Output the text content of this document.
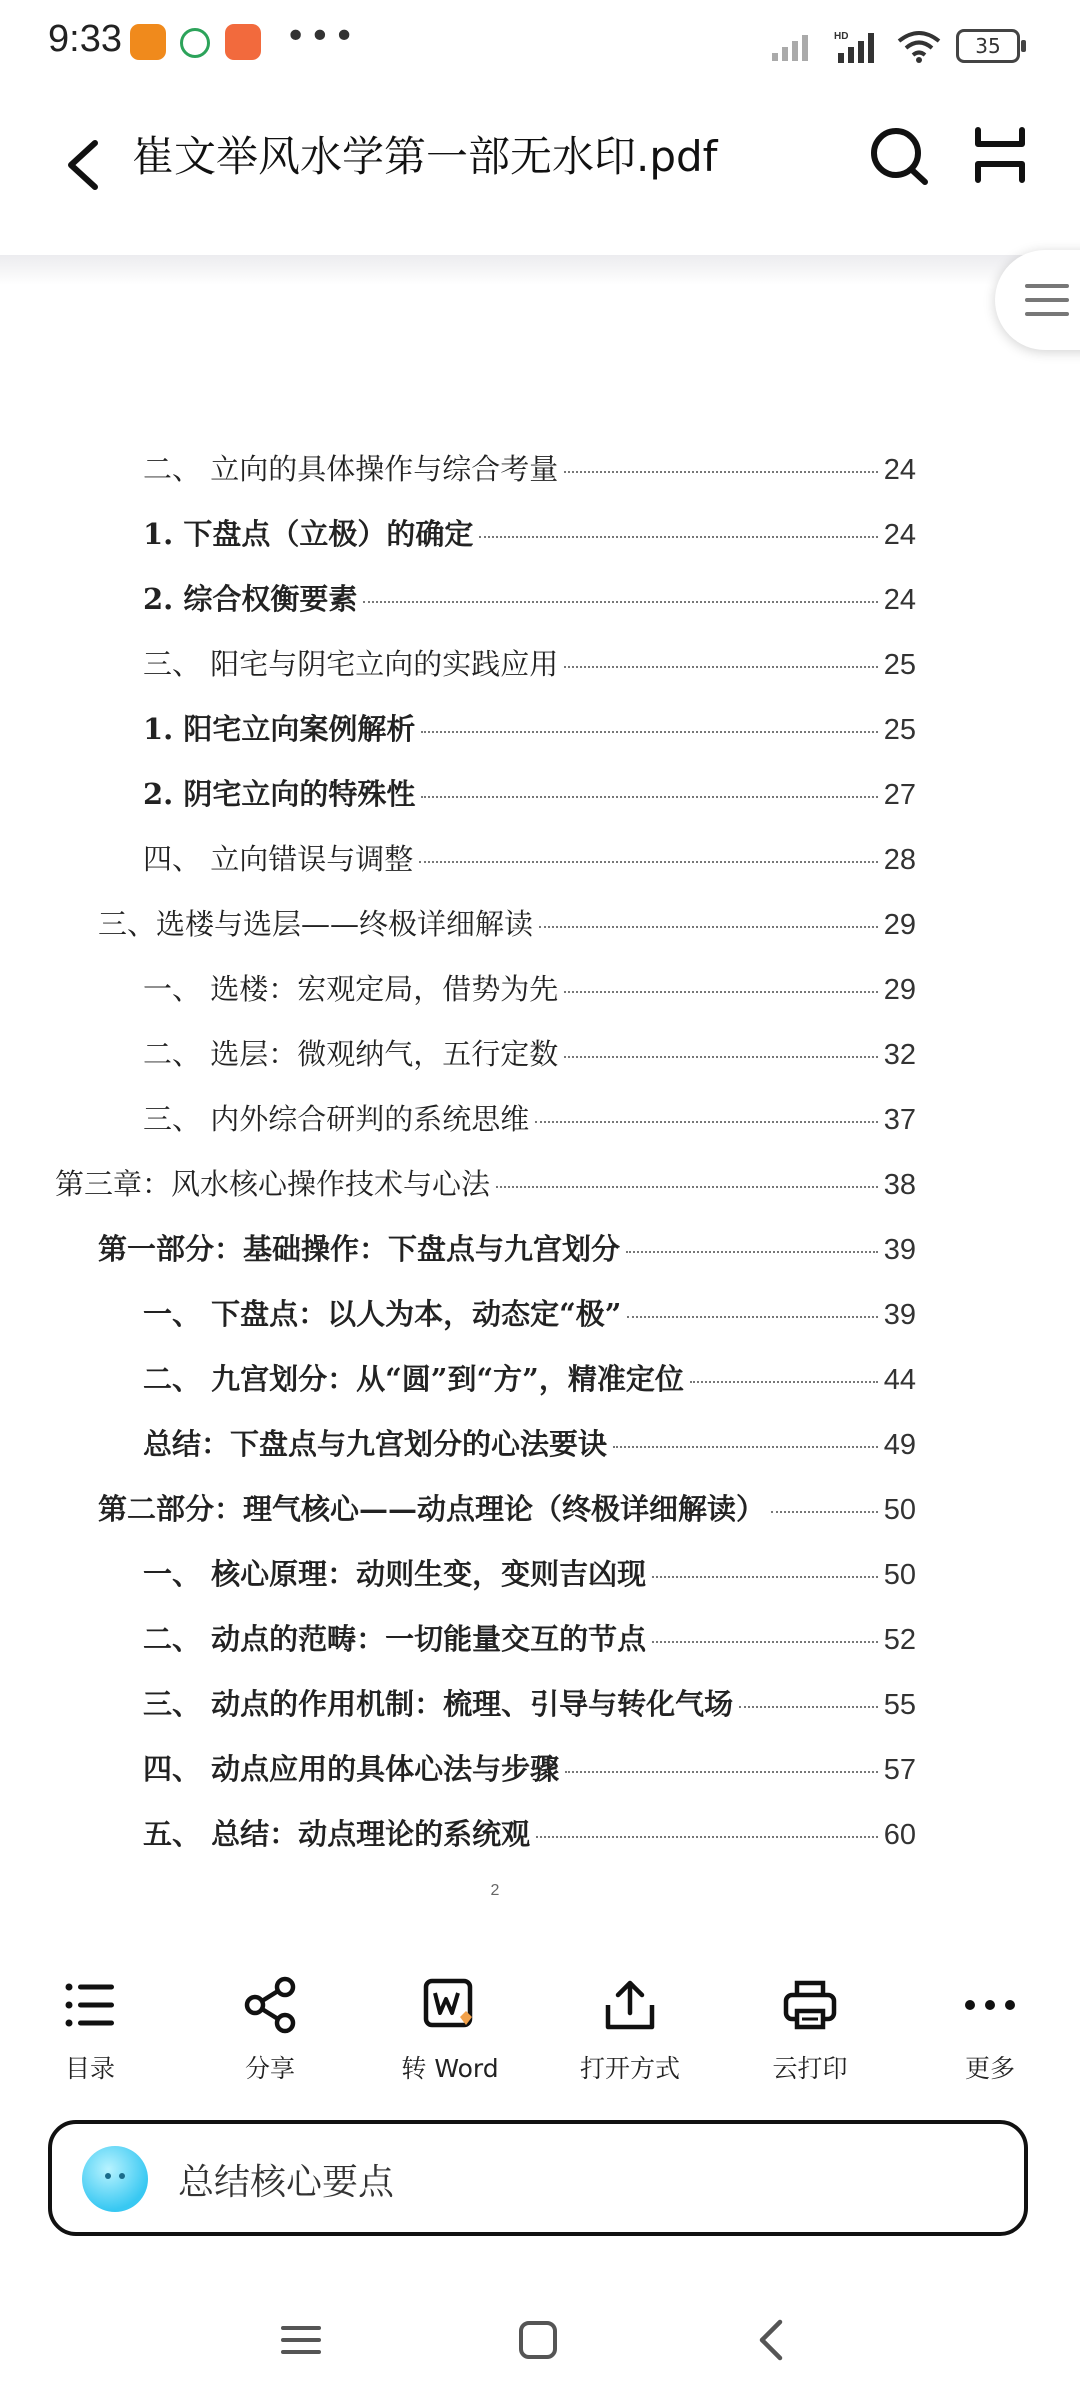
9:33	•••	HD	35
崔文举风水学第一部无水印.pdf
二、 立向的具体操作与综合考量	24
1. 下盘点（立极）的确定	24
2. 综合权衡要素	24
三、 阳宅与阴宅立向的实践应用	25
1. 阳宅立向案例解析	25
2. 阴宅立向的特殊性	27
四、 立向错误与调整	28
三、选楼与选层——终极详细解读	29
一、 选楼：宏观定局，借势为先	29
二、 选层：微观纳气，五行定数	32
三、 内外综合研判的系统思维	37
第三章：风水核心操作技术与心法	38
第一部分：基础操作：下盘点与九宫划分	39
一、 下盘点：以人为本，动态定“极”	39
二、 九宫划分：从“圆”到“方”，精准定位	44
总结：下盘点与九宫划分的心法要诀	49
第二部分：理气核心——动点理论（终极详细解读）	50
一、 核心原理：动则生变，变则吉凶现	50
二、 动点的范畴：一切能量交互的节点	52
三、 动点的作用机制：梳理、引导与转化气场	55
四、 动点应用的具体心法与步骤	57
五、 总结：动点理论的系统观	60
2
目录	分享	转 Word	打开方式	云打印	更多
总结核心要点
